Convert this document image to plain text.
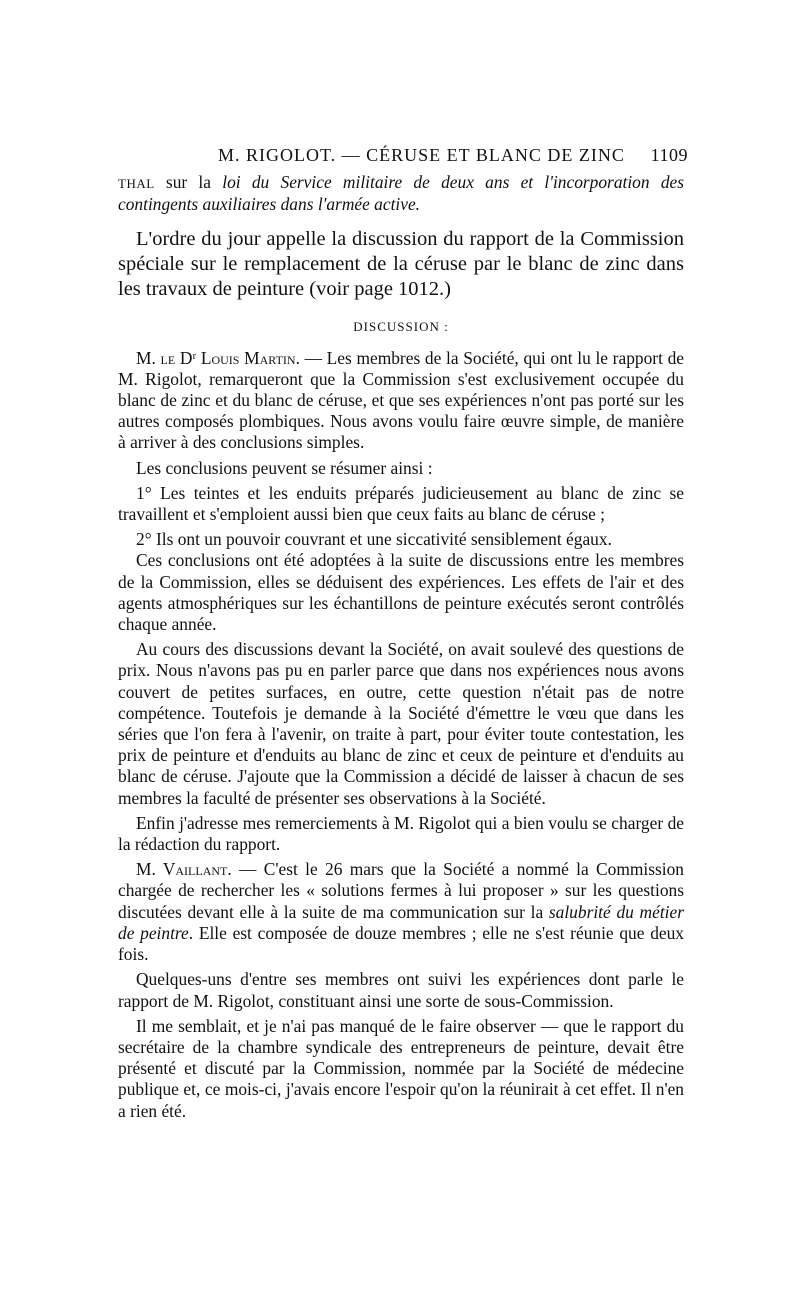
M. RIGOLOT. — CÉRUSE ET BLANC DE ZINC 1109

THAL sur la loi du Service militaire de deux ans et l'incorporation des contingents auxiliaires dans l'armée active.

L'ordre du jour appelle la discussion du rapport de la Commission spéciale sur le remplacement de la céruse par le blanc de zinc dans les travaux de peinture (voir page 1012.)

DISCUSSION :

M. le Dʳ Louis Martin. — Les membres de la Société, qui ont lu le rapport de M. Rigolot, remarqueront que la Commission s'est exclusivement occupée du blanc de zinc et du blanc de céruse, et que ses expériences n'ont pas porté sur les autres composés plombiques. Nous avons voulu faire œuvre simple, de manière à arriver à des conclusions simples.

Les conclusions peuvent se résumer ainsi :

1° Les teintes et les enduits préparés judicieusement au blanc de zinc se travaillent et s'emploient aussi bien que ceux faits au blanc de céruse ;

2° Ils ont un pouvoir couvrant et une siccativité sensiblement égaux.

Ces conclusions ont été adoptées à la suite de discussions entre les membres de la Commission, elles se déduisent des expériences. Les effets de l'air et des agents atmosphériques sur les échantillons de peinture exécutés seront contrôlés chaque année.

Au cours des discussions devant la Société, on avait soulevé des questions de prix. Nous n'avons pas pu en parler parce que dans nos expériences nous avons couvert de petites surfaces, en outre, cette question n'était pas de notre compétence. Toutefois je demande à la Société d'émettre le vœu que dans les séries que l'on fera à l'avenir, on traite à part, pour éviter toute contestation, les prix de peinture et d'enduits au blanc de zinc et ceux de peinture et d'enduits au blanc de céruse. J'ajoute que la Commission a décidé de laisser à chacun de ses membres la faculté de présenter ses observations à la Société.

Enfin j'adresse mes remerciements à M. Rigolot qui a bien voulu se charger de la rédaction du rapport.

M. Vaillant. — C'est le 26 mars que la Société a nommé la Commission chargée de rechercher les « solutions fermes à lui proposer » sur les questions discutées devant elle à la suite de ma communication sur la salubrité du métier de peintre. Elle est composée de douze membres ; elle ne s'est réunie que deux fois.

Quelques-uns d'entre ses membres ont suivi les expériences dont parle le rapport de M. Rigolot, constituant ainsi une sorte de sous-Commission.

Il me semblait, et je n'ai pas manqué de le faire observer — que le rapport du secrétaire de la chambre syndicale des entrepreneurs de peinture, devait être présenté et discuté par la Commission, nommée par la Société de médecine publique et, ce mois-ci, j'avais encore l'espoir qu'on la réunirait à cet effet. Il n'en a rien été.
